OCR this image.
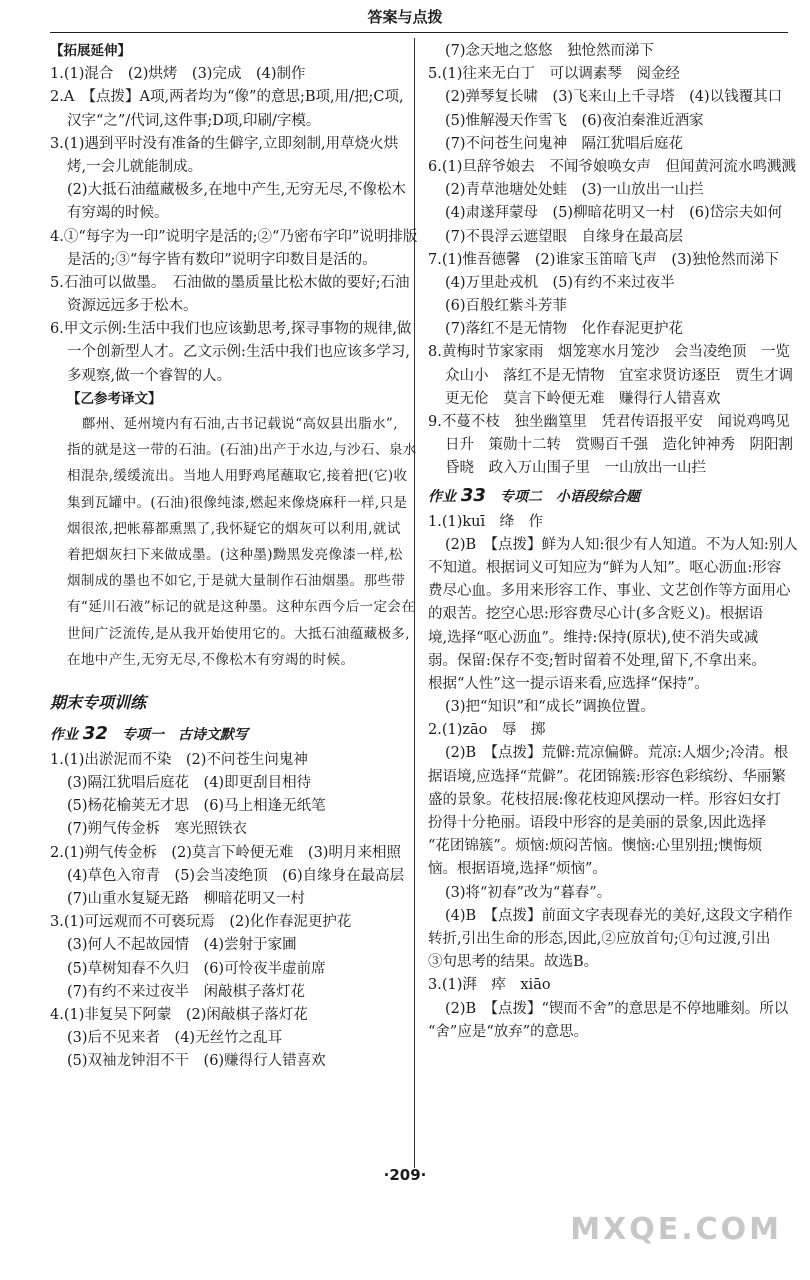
答案与点拨
【拓展延伸】
1.(1)混合　(2)烘烤　(3)完成　(4)制作
2.A　【点拨】A项,两者均为“像”的意思;B项,用/把;C项,
汉字“之”/代词,这件事;D项,印刷/字模。
3.(1)遇到平时没有准备的生僻字,立即刻制,用草烧火烘
烤,一会儿就能制成。
(2)大抵石油蕴藏极多,在地中产生,无穷无尽,不像松木
有穷竭的时候。
4.①“每字为一印”说明字是活的;②“乃密布字印”说明排版
是活的;③“每字皆有数印”说明字印数目是活的。
5.石油可以做墨。　石油做的墨质量比松木做的要好;石油
资源远远多于松木。
6.甲文示例:生活中我们也应该勤思考,探寻事物的规律,做
一个创新型人才。乙文示例:生活中我们也应该多学习,
多观察,做一个睿智的人。
【乙参考译文】
鄜州、延州境内有石油,古书记载说“高奴县出脂水”,
指的就是这一带的石油。(石油)出产于水边,与沙石、泉水
相混杂,缓缓流出。当地人用野鸡尾蘸取它,接着把(它)收
集到瓦罐中。(石油)很像纯漆,燃起来像烧麻秆一样,只是
烟很浓,把帐幕都熏黑了,我怀疑它的烟灰可以利用,就试
着把烟灰扫下来做成墨。(这种墨)黝黑发亮像漆一样,松
烟制成的墨也不如它,于是就大量制作石油烟墨。那些带
有“延川石液”标记的就是这种墨。这种东西今后一定会在
世间广泛流传,是从我开始使用它的。大抵石油蕴藏极多,
在地中产生,无穷无尽,不像松木有穷竭的时候。
期末专项训练
作业 32　专项一　古诗文默写
1.(1)出淤泥而不染　(2)不问苍生问鬼神
(3)隔江犹唱后庭花　(4)即更刮目相待
(5)杨花榆荚无才思　(6)马上相逢无纸笔
(7)朔气传金柝　寒光照铁衣
2.(1)朔气传金柝　(2)莫言下岭便无难　(3)明月来相照
(4)草色入帘青　(5)会当凌绝顶　(6)自缘身在最高层
(7)山重水复疑无路　柳暗花明又一村
3.(1)可远观而不可亵玩焉　(2)化作春泥更护花
(3)何人不起故园情　(4)尝射于家圃
(5)草树知春不久归　(6)可怜夜半虚前席
(7)有约不来过夜半　闲敲棋子落灯花
4.(1)非复吴下阿蒙　(2)闲敲棋子落灯花
(3)后不见来者　(4)无丝竹之乱耳
(5)双袖龙钟泪不干　(6)赚得行人错喜欢
(7)念天地之悠悠　独怆然而涕下
5.(1)往来无白丁　可以调素琴　阅金经
(2)弹琴复长啸　(3)飞来山上千寻塔　(4)以钱覆其口
(5)惟解漫天作雪飞　(6)夜泊秦淮近酒家
(7)不问苍生问鬼神　隔江犹唱后庭花
6.(1)旦辞爷娘去　不闻爷娘唤女声　但闻黄河流水鸣溅溅
(2)青草池塘处处蛙　(3)一山放出一山拦
(4)肃遂拜蒙母　(5)柳暗花明又一村　(6)岱宗夫如何
(7)不畏浮云遮望眼　自缘身在最高层
7.(1)惟吾德馨　(2)谁家玉笛暗飞声　(3)独怆然而涕下
(4)万里赴戎机　(5)有约不来过夜半
(6)百般红紫斗芳菲
(7)落红不是无情物　化作春泥更护花
8.黄梅时节家家雨　烟笼寒水月笼沙　会当凌绝顶　一览
众山小　落红不是无情物　宜室求贤访逐臣　贾生才调
更无伦　莫言下岭便无难　赚得行人错喜欢
9.不蔓不枝　独坐幽篁里　凭君传语报平安　闻说鸡鸣见
日升　策勋十二转　赏赐百千强　造化钟神秀　阴阳割
昏晓　政入万山围子里　一山放出一山拦
作业 33　专项二　小语段综合题
1.(1)kuī　绛　作
(2)B　【点拨】鲜为人知:很少有人知道。不为人知:别人
不知道。根据词义可知应为“鲜为人知”。呕心沥血:形容
费尽心血。多用来形容工作、事业、文艺创作等方面用心
的艰苦。挖空心思:形容费尽心计(多含贬义)。根据语
境,选择“呕心沥血”。维持:保持(原状),使不消失或减
弱。保留:保存不变;暂时留着不处理,留下,不拿出来。
根据“人性”这一提示语来看,应选择“保持”。
(3)把“知识”和“成长”调换位置。
2.(1)zāo　辱　掷
(2)B　【点拨】荒僻:荒凉偏僻。荒凉:人烟少;冷清。根
据语境,应选择“荒僻”。花团锦簇:形容色彩缤纷、华丽繁
盛的景象。花枝招展:像花枝迎风摆动一样。形容妇女打
扮得十分艳丽。语段中形容的是美丽的景象,因此选择
“花团锦簇”。烦恼:烦闷苦恼。懊恼:心里别扭;懊悔烦
恼。根据语境,选择“烦恼”。
(3)将“初春”改为“暮春”。
(4)B　【点拨】前面文字表现春光的美好,这段文字稍作
转折,引出生命的形态,因此,②应放首句;①句过渡,引出
③句思考的结果。故选B。
3.(1)湃　瘁　xiāo
(2)B　【点拨】“锲而不舍”的意思是不停地雕刻。所以
“舍”应是“放弃”的意思。
·209·
MXQE.COM
